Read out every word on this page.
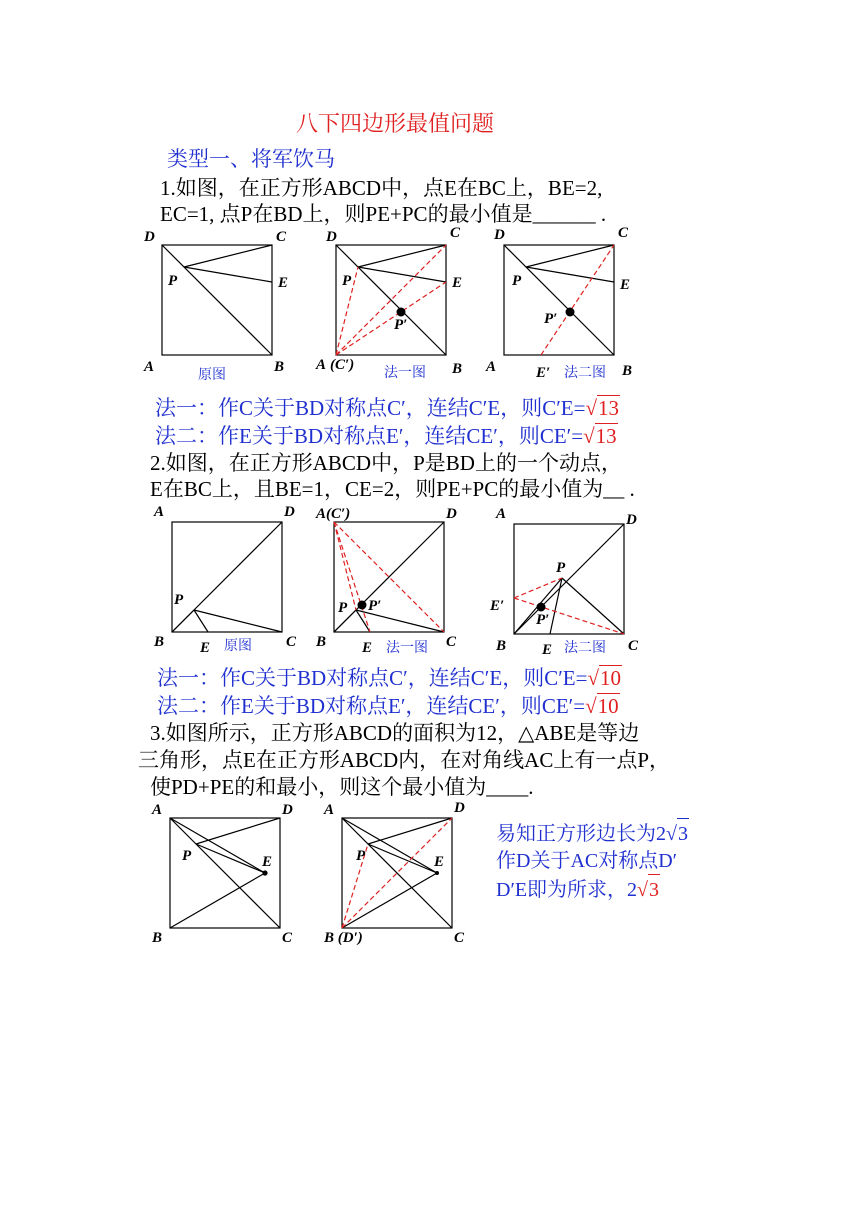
八下四边形最值问题
类型一、将军饮马
1.如图，在正方形ABCD中，点E在BC上，BE=2,
EC=1, 点P在BD上，则PE+PC的最小值是______ .
D	C
P	E
A	B
原图
D	C
P	E
P′
A (C′)	B
法一图
D	C
P	E
P′
A	E′	B
法二图
法一：作C关于BD对称点C′，连结C′E，则C′E=√13
法二：作E关于BD对称点E′，连结CE′，则CE′=√13
2.如图，在正方形ABCD中，P是BD上的一个动点，
E在BC上，且BE=1，CE=2，则PE+PC的最小值为__ .
A	D
P
B E	C
原图
A(C′)	D
P P′
B E	C
法一图
A	D
P
E′
P′
B E	C
法二图
法一：作C关于BD对称点C′，连结C′E，则C′E=√10
法二：作E关于BD对称点E′，连结CE′，则CE′=√10
3.如图所示，正方形ABCD的面积为12，△ABE是等边
三角形，点E在正方形ABCD内，在对角线AC上有一点P，
使PD+PE的和最小，则这个最小值为____.
A	D
P	E
B	C
A	D
P	E
B (D′)	C
易知正方形边长为2√3
作D关于AC对称点D′
D′E即为所求，2√3
